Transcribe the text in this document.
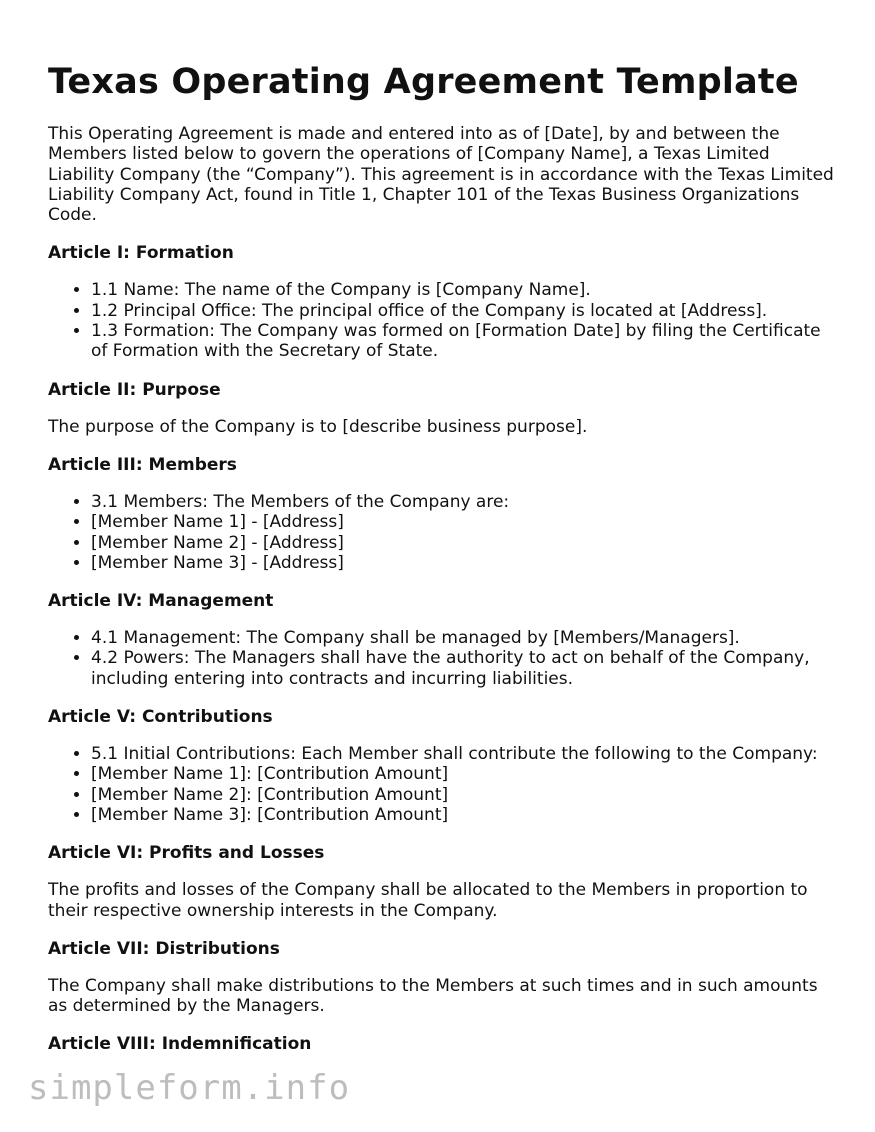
Texas Operating Agreement Template

This Operating Agreement is made and entered into as of [Date], by and between the Members listed below to govern the operations of [Company Name], a Texas Limited Liability Company (the “Company”). This agreement is in accordance with the Texas Limited Liability Company Act, found in Title 1, Chapter 101 of the Texas Business Organizations Code.

Article I: Formation
• 1.1 Name: The name of the Company is [Company Name].
• 1.2 Principal Office: The principal office of the Company is located at [Address].
• 1.3 Formation: The Company was formed on [Formation Date] by filing the Certificate of Formation with the Secretary of State.
Article II: Purpose

The purpose of the Company is to [describe business purpose].

Article III: Members
• 3.1 Members: The Members of the Company are:
• [Member Name 1] - [Address]
• [Member Name 2] - [Address]
• [Member Name 3] - [Address]
Article IV: Management
• 4.1 Management: The Company shall be managed by [Members/Managers].
• 4.2 Powers: The Managers shall have the authority to act on behalf of the Company, including entering into contracts and incurring liabilities.
Article V: Contributions
• 5.1 Initial Contributions: Each Member shall contribute the following to the Company:
• [Member Name 1]: [Contribution Amount]
• [Member Name 2]: [Contribution Amount]
• [Member Name 3]: [Contribution Amount]
Article VI: Profits and Losses

The profits and losses of the Company shall be allocated to the Members in proportion to their respective ownership interests in the Company.

Article VII: Distributions

The Company shall make distributions to the Members at such times and in such amounts as determined by the Managers.

Article VIII: Indemnification
simpleform.info
